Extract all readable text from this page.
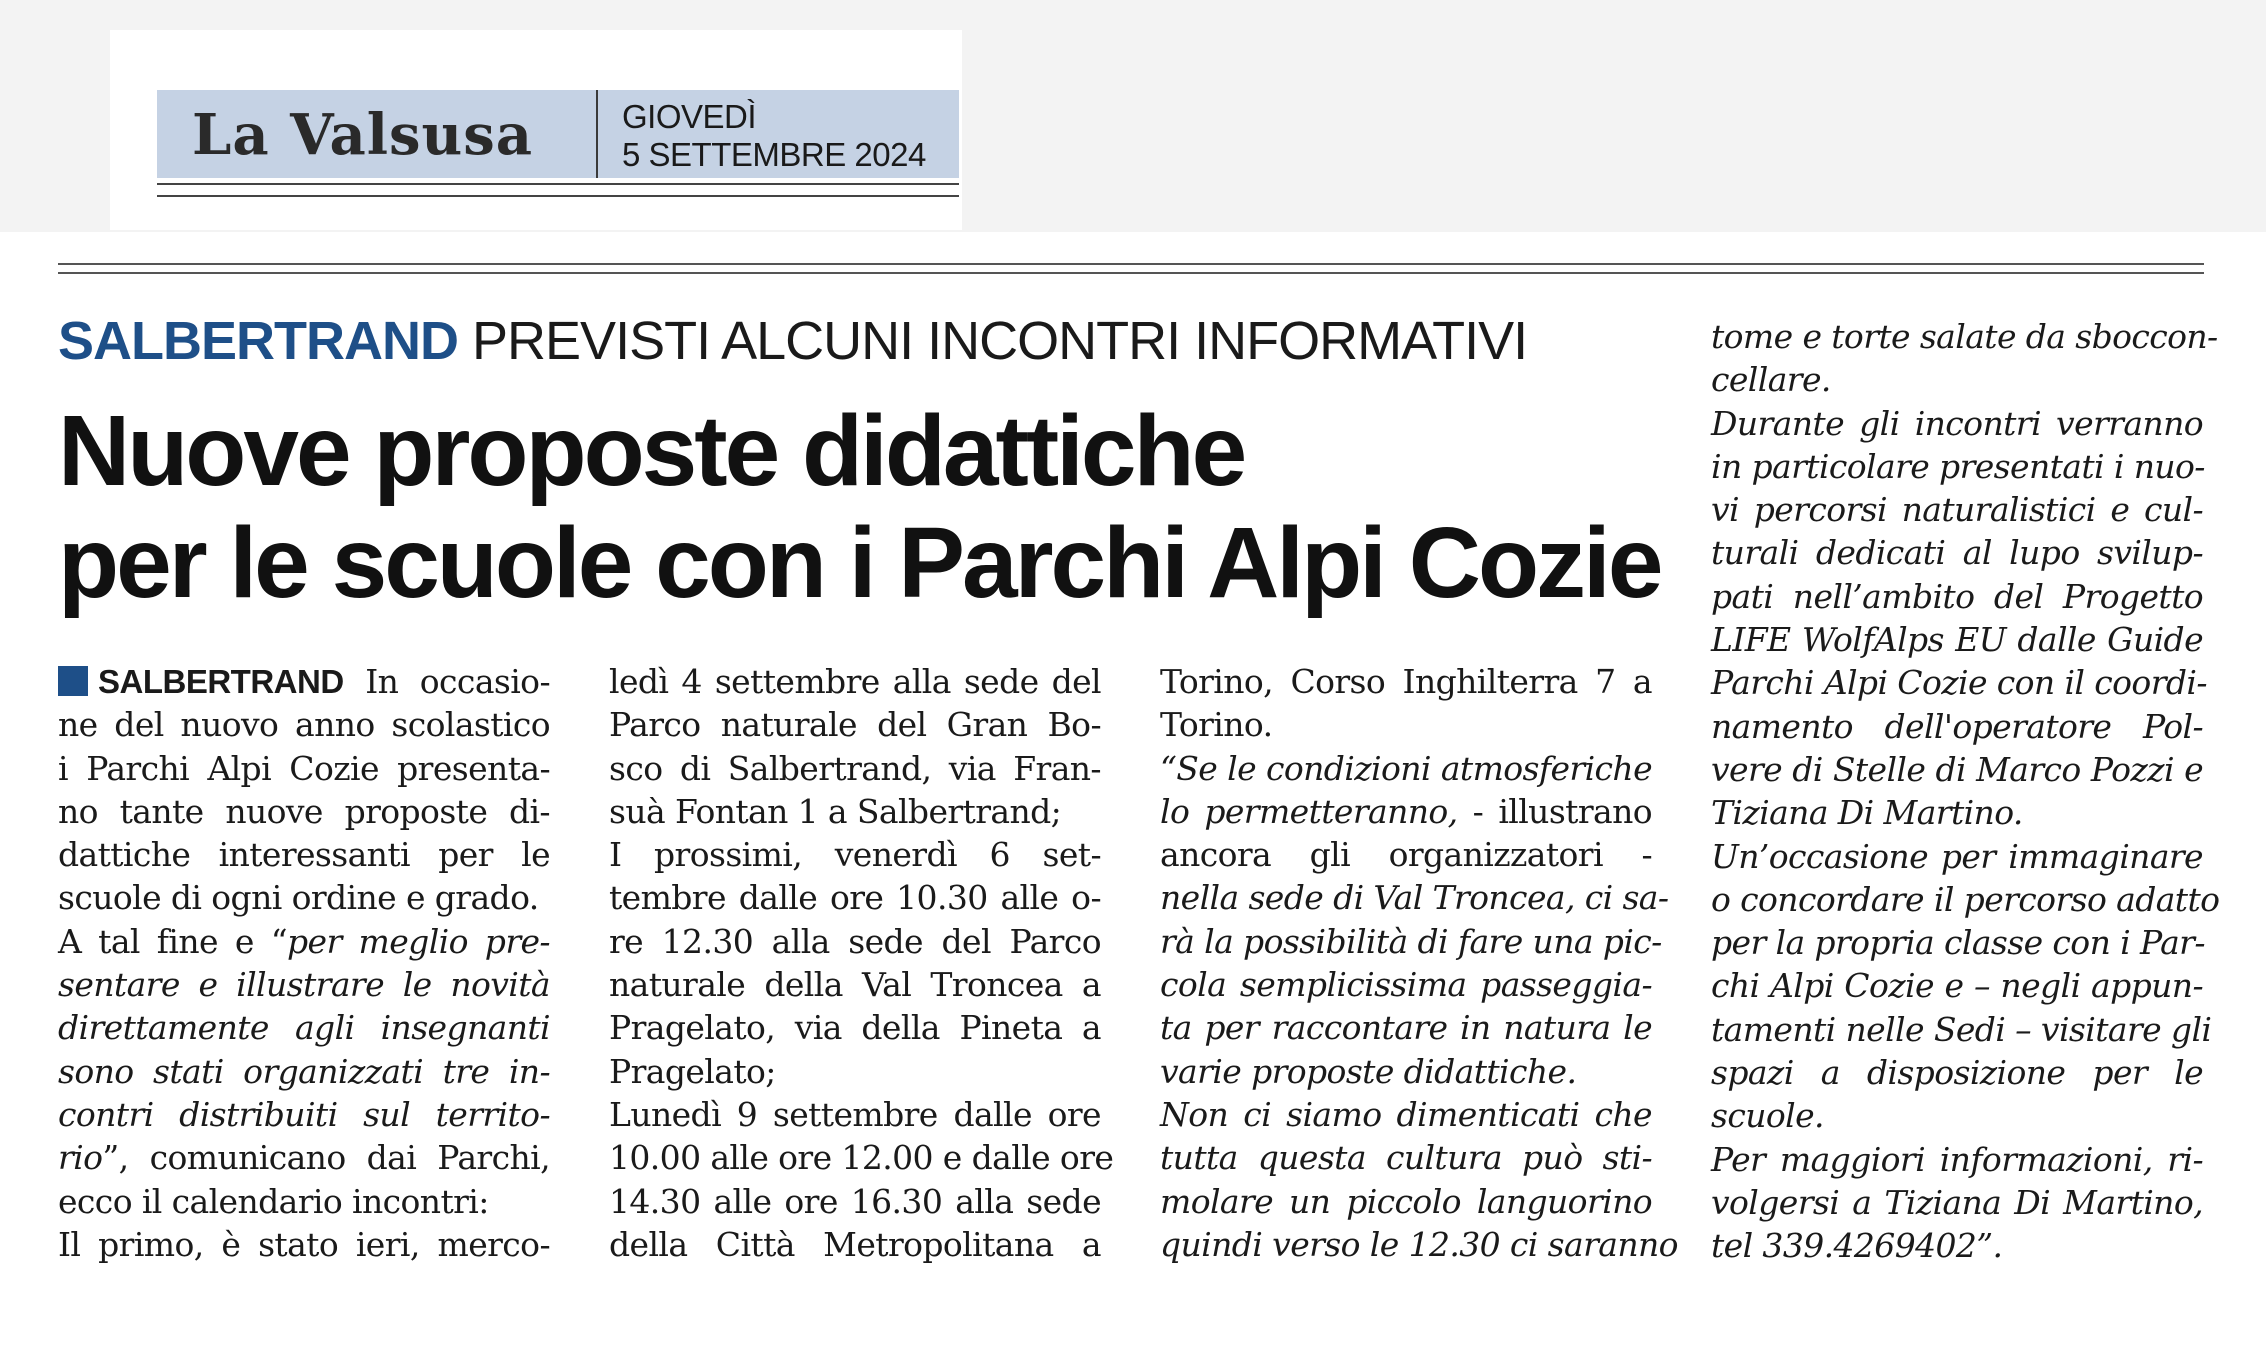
La Valsusa	GIOVEDÌ
5 SETTEMBRE 2024
SALBERTRAND PREVISTI ALCUNI INCONTRI INFORMATIVI
Nuove proposte didattiche
per le scuole con i Parchi Alpi Cozie
SALBERTRAND In occasio-
ne del nuovo anno scolastico
i Parchi Alpi Cozie presenta-
no tante nuove proposte di-
dattiche interessanti per le
scuole di ogni ordine e grado.
A tal fine e “per meglio pre-
sentare e illustrare le novità
direttamente agli insegnanti
sono stati organizzati tre in-
contri distribuiti sul territo-
rio”, comunicano dai Parchi,
ecco il calendario incontri:
Il primo, è stato ieri, merco-
ledì 4 settembre alla sede del
Parco naturale del Gran Bo-
sco di Salbertrand, via Fran-
suà Fontan 1 a Salbertrand;
I prossimi, venerdì 6 set-
tembre dalle ore 10.30 alle o-
re 12.30 alla sede del Parco
naturale della Val Troncea a
Pragelato, via della Pineta a
Pragelato;
Lunedì 9 settembre dalle ore
10.00 alle ore 12.00 e dalle ore
14.30 alle ore 16.30 alla sede
della Città Metropolitana a
Torino, Corso Inghilterra 7 a
Torino.
“Se le condizioni atmosferiche
lo permetteranno, - illustrano
ancora gli organizzatori -
nella sede di Val Troncea, ci sa-
rà la possibilità di fare una pic-
cola semplicissima passeggia-
ta per raccontare in natura le
varie proposte didattiche.
Non ci siamo dimenticati che
tutta questa cultura può sti-
molare un piccolo languorino
quindi verso le 12.30 ci saranno
tome e torte salate da sboccon-
cellare.
Durante gli incontri verranno
in particolare presentati i nuo-
vi percorsi naturalistici e cul-
turali dedicati al lupo svilup-
pati nell’ambito del Progetto
LIFE WolfAlps EU dalle Guide
Parchi Alpi Cozie con il coordi-
namento dell'operatore Pol-
vere di Stelle di Marco Pozzi e
Tiziana Di Martino.
Un’occasione per immaginare
o concordare il percorso adatto
per la propria classe con i Par-
chi Alpi Cozie e – negli appun-
tamenti nelle Sedi – visitare gli
spazi a disposizione per le
scuole.
Per maggiori informazioni, ri-
volgersi a Tiziana Di Martino,
tel 339.4269402”.
